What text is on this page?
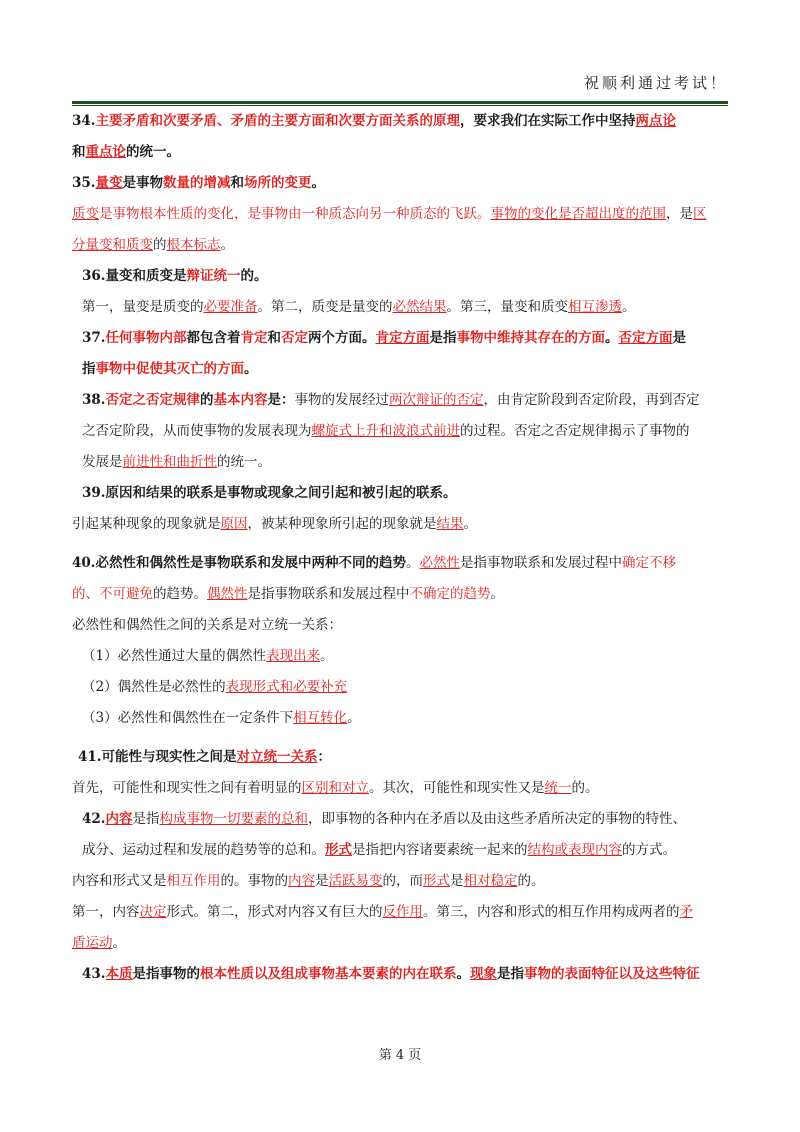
祝顺利通过考试！
34.主要矛盾和次要矛盾、矛盾的主要方面和次要方面关系的原理，要求我们在实际工作中坚持两点论
和重点论的统一。
35.量变是事物数量的增减和场所的变更。
质变是事物根本性质的变化，是事物由一种质态向另一种质态的飞跃。事物的变化是否超出度的范围，是区
分量变和质变的根本标志。
36.量变和质变是辩证统一的。
第一，量变是质变的必要准备。第二，质变是量变的必然结果。第三，量变和质变相互渗透。
37.任何事物内部都包含着肯定和否定两个方面。肯定方面是指事物中维持其存在的方面。否定方面是
指事物中促使其灭亡的方面。
38.否定之否定规律的基本内容是：事物的发展经过两次辩证的否定，由肯定阶段到否定阶段，再到否定
之否定阶段，从而使事物的发展表现为螺旋式上升和波浪式前进的过程。否定之否定规律揭示了事物的
发展是前进性和曲折性的统一。
39.原因和结果的联系是事物或现象之间引起和被引起的联系。
引起某种现象的现象就是原因，被某种现象所引起的现象就是结果。
40.必然性和偶然性是事物联系和发展中两种不同的趋势。必然性是指事物联系和发展过程中确定不移
的、不可避免的趋势。偶然性是指事物联系和发展过程中不确定的趋势。
必然性和偶然性之间的关系是对立统一关系：
（1）必然性通过大量的偶然性表现出来。
（2）偶然性是必然性的表现形式和必要补充
（3）必然性和偶然性在一定条件下相互转化。
41.可能性与现实性之间是对立统一关系：
首先，可能性和现实性之间有着明显的区别和对立。其次，可能性和现实性又是统一的。
42.内容是指构成事物一切要素的总和，即事物的各种内在矛盾以及由这些矛盾所决定的事物的特性、
成分、运动过程和发展的趋势等的总和。形式是指把内容诸要素统一起来的结构或表现内容的方式。
内容和形式又是相互作用的。事物的内容是活跃易变的，而形式是相对稳定的。
第一，内容决定形式。第二，形式对内容又有巨大的反作用。第三，内容和形式的相互作用构成两者的矛
盾运动。
43.本质是指事物的根本性质以及组成事物基本要素的内在联系。现象是指事物的表面特征以及这些特征
第 4 页
